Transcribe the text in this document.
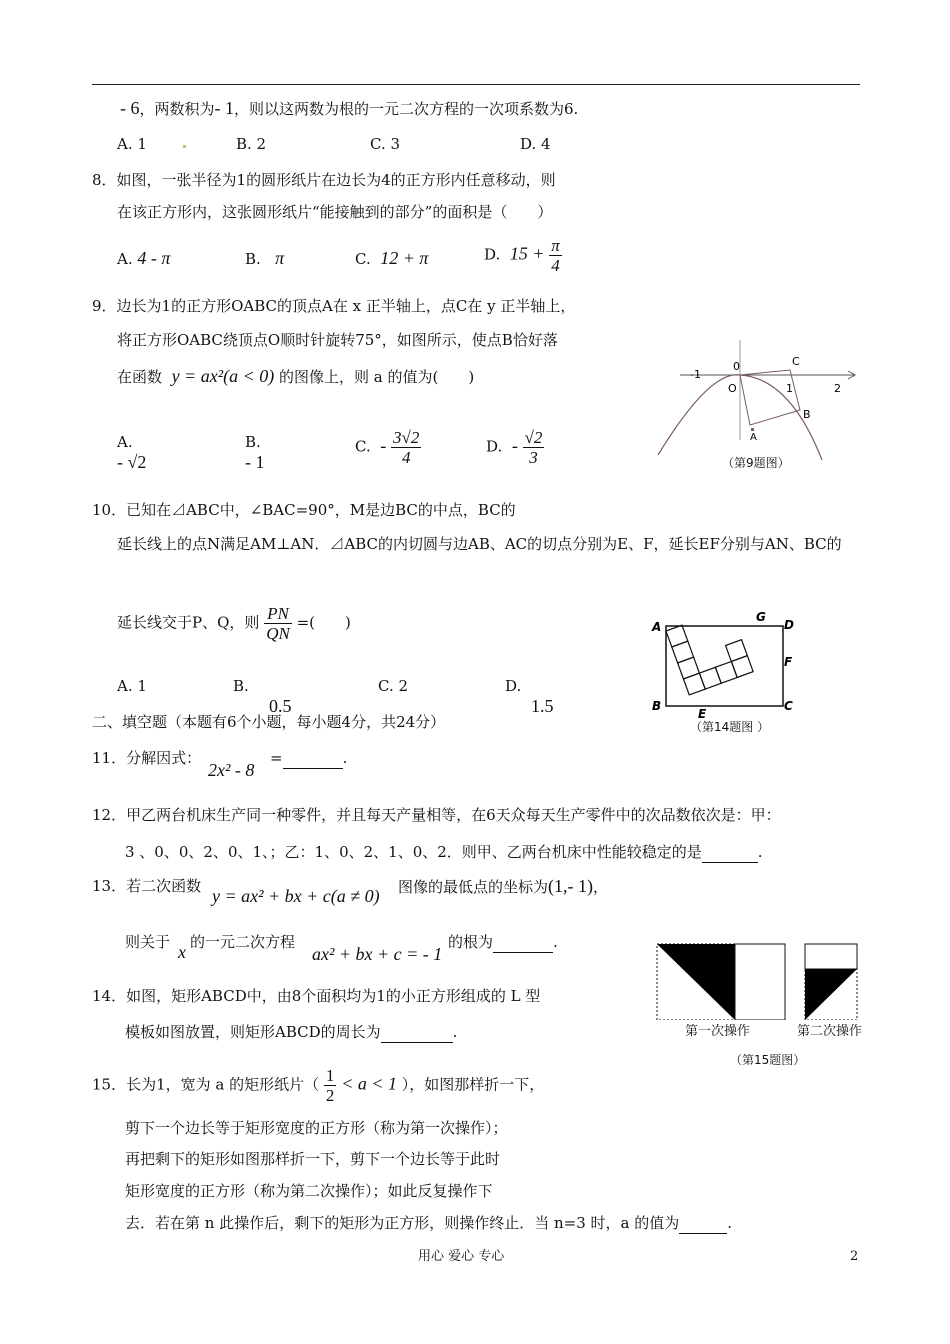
- 6，两数积为- 1，则以这两数为根的一元二次方程的一次项系数为6.
A. 1	B. 2	C. 3	D. 4
8．如图，一张半径为1的圆形纸片在边长为4的正方形内任意移动，则
在该正方形内，这张圆形纸片“能接触到的部分”的面积是（　　）
A. 4 - π	B. π	C. 12 + π	D. $15 + \frac{\pi}{4}$
9．边长为1的正方形OABC的顶点A在 x 正半轴上，点C在 y 正半轴上，
将正方形OABC绕顶点O顺时针旋转75°，如图所示，使点B恰好落
在函数 y = ax²(a < 0) 的图像上，则 a 的值为(　　)
A.
- √2
B.
- 1
C. - $\frac{3√2}{4}$	D. - $\frac{√2}{3}$
-1
0
O	1	2
C
B
A
（第9题图）
10．已知在⊿ABC中，∠BAC=90°，M是边BC的中点，BC的
延长线上的点N满足AM⊥AN．⊿ABC的内切圆与边AB、AC的切点分别为E、F，延长EF分别与AN、BC的
延长线交于P、Q，则 $\frac{PN}{QN}$ =(　　)
A. 1	B.
0.5
C. 2	D.
1.5
A
B	C
D
E
F
G
（第14题图 ）
二、填空题（本题有6个小题，每小题4分，共24分）
11．分解因式：
2x² - 8
=	.
12．甲乙两台机床生产同一种零件，并且每天产量相等，在6天众每天生产零件中的次品数依次是：甲：
3 、0、0、2、0、1、；乙：1、0、2、1、0、2．则甲、乙两台机床中性能较稳定的是	.
13．若二次函数 y = ax² + bx + c(a ≠ 0) 图像的最低点的坐标为(1,- 1)，
则关于 x 的一元二次方程
ax² + bx + c = - 1
的根为	.
第一次操作	第二次操作
（第15题图）
14．如图，矩形ABCD中，由8个面积均为1的小正方形组成的 L 型
模板如图放置，则矩形ABCD的周长为	.
15．长为1，宽为 a 的矩形纸片（ $\frac{1}{2} < a < 1$ ），如图那样折一下，
剪下一个边长等于矩形宽度的正方形（称为第一次操作）；
再把剩下的矩形如图那样折一下，剪下一个边长等于此时
矩形宽度的正方形（称为第二次操作）；如此反复操作下
去．若在第 n 此操作后，剩下的矩形为正方形，则操作终止．当 n=3 时，a 的值为	.
用心 爱心 专心	2
